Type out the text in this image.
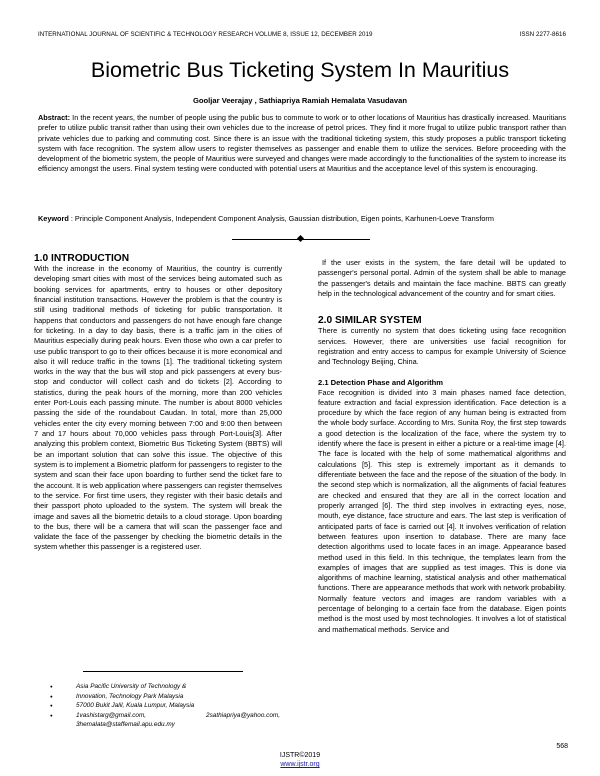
INTERNATIONAL JOURNAL OF SCIENTIFIC & TECHNOLOGY RESEARCH VOLUME 8, ISSUE 12, DECEMBER 2019	ISSN 2277-8616
Biometric Bus Ticketing System In Mauritius
Gooljar Veerajay , Sathiapriya Ramiah Hemalata Vasudavan

Abstract: In the recent years, the number of people using the public bus to commute to work or to other locations of Mauritius has drastically increased. Mauritians prefer to utilize public transit rather than using their own vehicles due to the increase of petrol prices. They find it more frugal to utilize public transport rather than private vehicles due to parking and commuting cost. Since there is an issue with the traditional ticketing system, this study proposes a public transport ticketing system with face recognition. The system allow users to register themselves as passenger and enable them to utilize the services. Before proceeding with the development of the biometric system, the people of Mauritius were surveyed and changes were made accordingly to the functionalities of the system to increase its efficiency amongst the users. Final system testing were conducted with potential users at Mauritius and the acceptance level of this system is encouraging.

Keyword : Principle Component Analysis, Independent Component Analysis, Gaussian distribution, Eigen points, Karhunen-Loeve Transform

1.0 INTRODUCTION

With the increase in the economy of Mauritius, the country is currently developing smart cities with most of the services being automated such as booking services for apartments, entry to houses or other depository financial institution transactions. However the problem is that the country is still using traditional methods of ticketing for public transportation. It happens that conductors and passengers do not have enough fare change for ticketing. In a day to day basis, there is a traffic jam in the cities of Mauritius especially during peak hours. Even those who own a car prefer to use public transport to go to their offices because it is more economical and also it will reduce traffic in the towns [1]. The traditional ticketing system works in the way that the bus will stop and pick passengers at every bus-stop and conductor will collect cash and do tickets [2]. According to statistics, during the peak hours of the morning, more than 200 vehicles enter Port-Louis each passing minute. The number is about 8000 vehicles passing the side of the roundabout Caudan. In total, more than 25,000 vehicles enter the city every morning between 7:00 and 9:00 then between 7 and 17 hours about 70,000 vehicles pass through Port-Louis[3]. After analyzing this problem context, Biometric Bus Ticketing System (BBTS) will be an important solution that can solve this issue. The objective of this system is to implement a Biometric platform for passengers to register to the system and scan their face upon boarding to further send the ticket fare to the account. It is web application where passengers can register themselves to the service. For first time users, they register with their basic details and their passport photo uploaded to the system. The system will break the image and saves all the biometric details to a cloud storage. Upon boarding to the bus, there will be a camera that will scan the passenger face and validate the face of the passenger by checking the biometric details in the system whether this passenger is a registered user.

● Asia Pacific University of Technology &
● Innovation, Technology Park Malaysia
● 57000 Bukit Jalil, Kuala Lumpur, Malaysia
● 1vashistarg@gmail.com,	2sathiapriya@yahoo.com,
3hemalata@staffemail.apu.edu.my

If the user exists in the system, the fare detail will be updated to passenger's personal portal. Admin of the system shall be able to manage the passenger's details and maintain the face machine. BBTS can greatly help in the technological advancement of the country and for smart cities.

2.0 SIMILAR SYSTEM

There is currently no system that does ticketing using face recognition services. However, there are universities use facial recognition for registration and entry access to campus for example University of Science and Technology Beijing, China.

2.1 Detection Phase and Algorithm

Face recognition is divided into 3 main phases named face detection, feature extraction and facial expression identification. Face detection is a procedure by which the face region of any human being is extracted from the whole body surface. According to Mrs. Sunita Roy, the first step towards a good detection is the localization of the face, where the system try to identify where the face is present in either a picture or a real-time image [4]. The face is located with the help of some mathematical algorithms and calculations [5]. This step is extremely important as it demands to differentiate between the face and the repose of the situation of the body. In the second step which is normalization, all the alignments of facial features are checked and ensured that they are all in the correct location and properly arranged [6]. The third step involves in extracting eyes, nose, mouth, eye distance, face structure and ears. The last step is verification of anticipated parts of face is carried out [4]. It involves verification of relation between features upon insertion to database. There are many face detection algorithms used to locate faces in an image. Appearance based method used in this field. In this technique, the templates learn from the examples of images that are supplied as test images. This is done via algorithms of machine learning, statistical analysis and other mathematical functions. There are appearance methods that work with network probability. Normally feature vectors and images are random variables with a percentage of belonging to a certain face from the database. Eigen points method is the most used by most technologies. It involves a lot of statistical and mathematical methods. Service and

568
IJSTR©2019
www.ijstr.org
